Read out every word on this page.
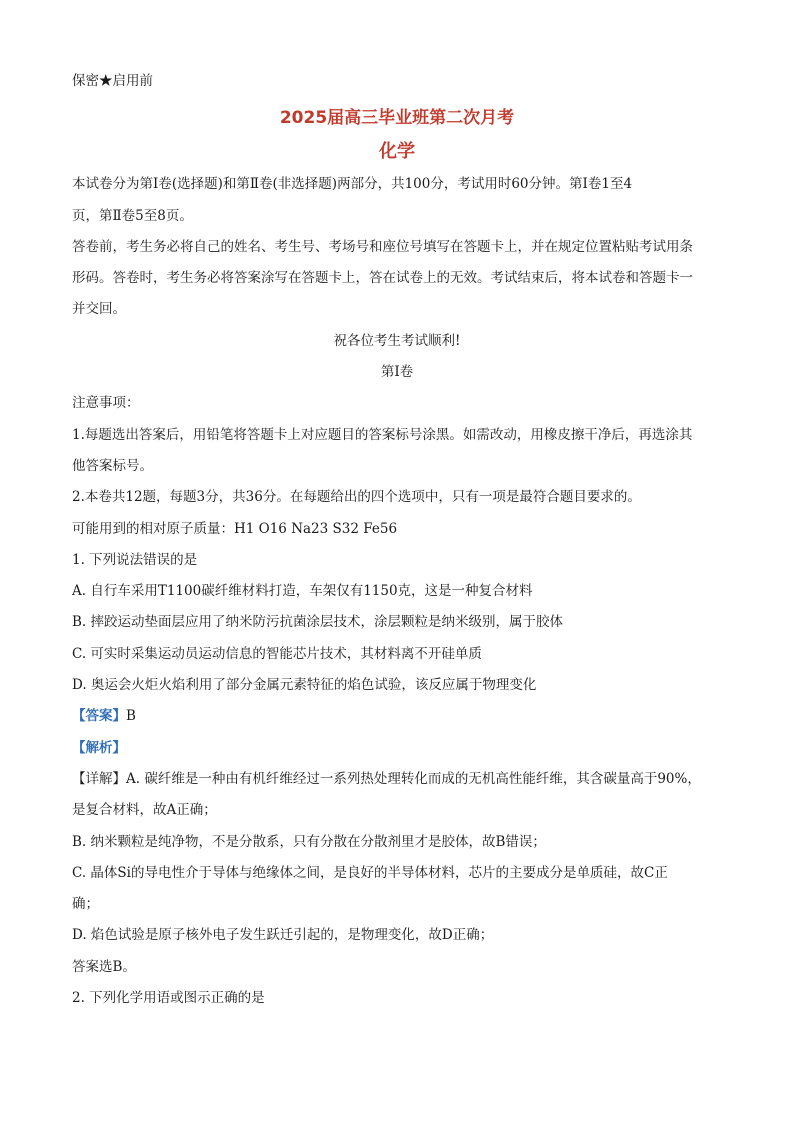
保密★启用前
2025届高三毕业班第二次月考
化学
本试卷分为第Ⅰ卷(选择题)和第Ⅱ卷(非选择题)两部分，共100分，考试用时60分钟。第Ⅰ卷1至4
页，第Ⅱ卷5至8页。
答卷前，考生务必将自己的姓名、考生号、考场号和座位号填写在答题卡上，并在规定位置粘贴考试用条
形码。答卷时，考生务必将答案涂写在答题卡上，答在试卷上的无效。考试结束后，将本试卷和答题卡一
并交回。
祝各位考生考试顺利!
第Ⅰ卷
注意事项：
1.每题选出答案后，用铅笔将答题卡上对应题目的答案标号涂黑。如需改动，用橡皮擦干净后，再选涂其
他答案标号。
2.本卷共12题，每题3分，共36分。在每题给出的四个选项中，只有一项是最符合题目要求的。
可能用到的相对原子质量：H1 O16 Na23 S32 Fe56
1. 下列说法错误的是
A. 自行车采用T1100碳纤维材料打造，车架仅有1150克，这是一种复合材料
B. 摔跤运动垫面层应用了纳米防污抗菌涂层技术，涂层颗粒是纳米级别，属于胶体
C. 可实时采集运动员运动信息的智能芯片技术，其材料离不开硅单质
D. 奥运会火炬火焰利用了部分金属元素特征的焰色试验，该反应属于物理变化
【答案】B
【解析】
【详解】A. 碳纤维是一种由有机纤维经过一系列热处理转化而成的无机高性能纤维，其含碳量高于90%，
是复合材料，故A正确；
B. 纳米颗粒是纯净物，不是分散系，只有分散在分散剂里才是胶体，故B错误；
C. 晶体Si的导电性介于导体与绝缘体之间，是良好的半导体材料，芯片的主要成分是单质硅，故C正
确；
D. 焰色试验是原子核外电子发生跃迁引起的，是物理变化，故D正确；
答案选B。
2. 下列化学用语或图示正确的是
